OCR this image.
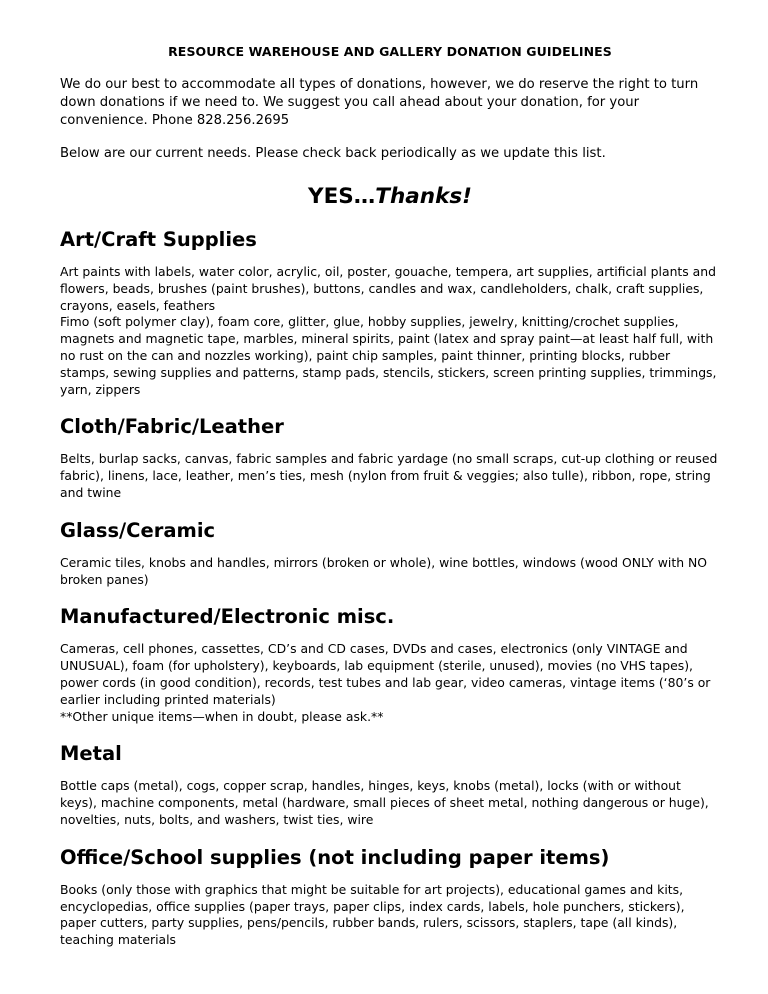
RESOURCE WAREHOUSE AND GALLERY DONATION GUIDELINES
We do our best to accommodate all types of donations, however, we do reserve the right to turn down donations if we need to. We suggest you call ahead about your donation, for your convenience. Phone 828.256.2695
Below are our current needs. Please check back periodically as we update this list.
YES…Thanks!
Art/Craft Supplies
Art paints with labels, water color, acrylic, oil, poster, gouache, tempera, art supplies, artificial plants and flowers, beads, brushes (paint brushes), buttons, candles and wax, candleholders, chalk, craft supplies, crayons, easels, feathers
Fimo (soft polymer clay), foam core, glitter, glue, hobby supplies, jewelry, knitting/crochet supplies, magnets and magnetic tape, marbles, mineral spirits, paint (latex and spray paint—at least half full, with no rust on the can and nozzles working), paint chip samples, paint thinner, printing blocks, rubber stamps, sewing supplies and patterns, stamp pads, stencils, stickers, screen printing supplies, trimmings, yarn, zippers
Cloth/Fabric/Leather
Belts, burlap sacks, canvas, fabric samples and fabric yardage (no small scraps, cut-up clothing or reused fabric), linens, lace, leather, men’s ties, mesh (nylon from fruit & veggies; also tulle), ribbon, rope, string and twine
Glass/Ceramic
Ceramic tiles, knobs and handles, mirrors (broken or whole), wine bottles, windows (wood ONLY with NO broken panes)
Manufactured/Electronic misc.
Cameras, cell phones, cassettes, CD’s and CD cases, DVDs and cases, electronics (only VINTAGE and UNUSUAL), foam (for upholstery), keyboards, lab equipment (sterile, unused), movies (no VHS tapes), power cords (in good condition), records, test tubes and lab gear, video cameras, vintage items (‘80’s or earlier including printed materials)
**Other unique items—when in doubt, please ask.**
Metal
Bottle caps (metal), cogs, copper scrap, handles, hinges, keys, knobs (metal), locks (with or without keys), machine components, metal (hardware, small pieces of sheet metal, nothing dangerous or huge), novelties, nuts, bolts, and washers, twist ties, wire
Office/School supplies (not including paper items)
Books (only those with graphics that might be suitable for art projects), educational games and kits, encyclopedias, office supplies (paper trays, paper clips, index cards, labels, hole punchers, stickers), paper cutters, party supplies, pens/pencils, rubber bands, rulers, scissors, staplers, tape (all kinds), teaching materials
